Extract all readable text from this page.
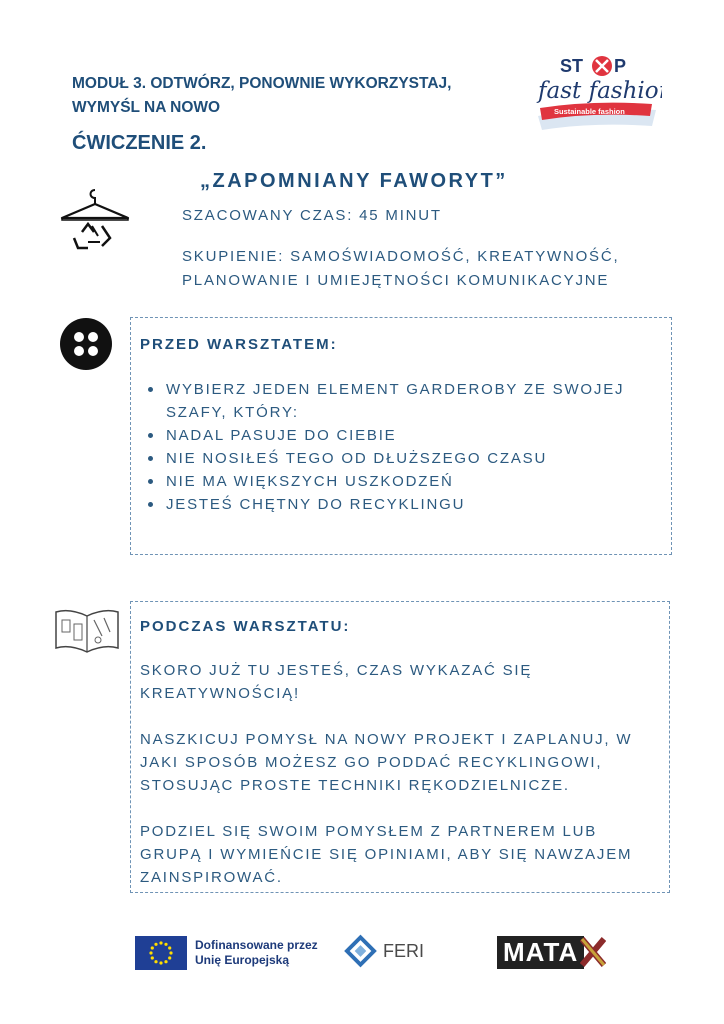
MODUŁ 3. ODTWÓRZ, PONOWNIE WYKORZYSTAJ,
WYMYŚL NA NOWO
ĆWICZENIE 2.
„ZAPOMNIANY FAWORYT”
ST P
fast fashion
Sustainable fashion
SZACOWANY CZAS: 45 MINUT
SKUPIENIE: SAMOŚWIADOMOŚĆ, KREATYWNOŚĆ,
PLANOWANIE I UMIEJĘTNOŚCI KOMUNIKACYJNE
PRZED WARSZTATEM:
WYBIERZ JEDEN ELEMENT GARDEROBY ZE SWOJEJ SZAFY, KTÓRY:
NADAL PASUJE DO CIEBIE
NIE NOSIŁEŚ TEGO OD DŁUŻSZEGO CZASU
NIE MA WIĘKSZYCH USZKODZEŃ
JESTEŚ CHĘTNY DO RECYKLINGU
PODCZAS WARSZTATU:
SKORO JUŻ TU JESTEŚ, CZAS WYKAZAĆ SIĘ KREATYWNOŚCIĄ!
NASZKICUJ POMYSŁ NA NOWY PROJEKT I ZAPLANUJ, W JAKI SPOSÓB MOŻESZ GO PODDAĆ RECYKLINGOWI, STOSUJĄC PROSTE TECHNIKI RĘKODZIELNICZE.
PODZIEL SIĘ SWOIM POMYSŁEM Z PARTNEREM LUB GRUPĄ I WYMIEŃCIE SIĘ OPINIAMI, ABY SIĘ NAWZAJEM ZAINSPIROWAĆ.
Dofinansowane przez
Unię Europejską	FERI	MATA
